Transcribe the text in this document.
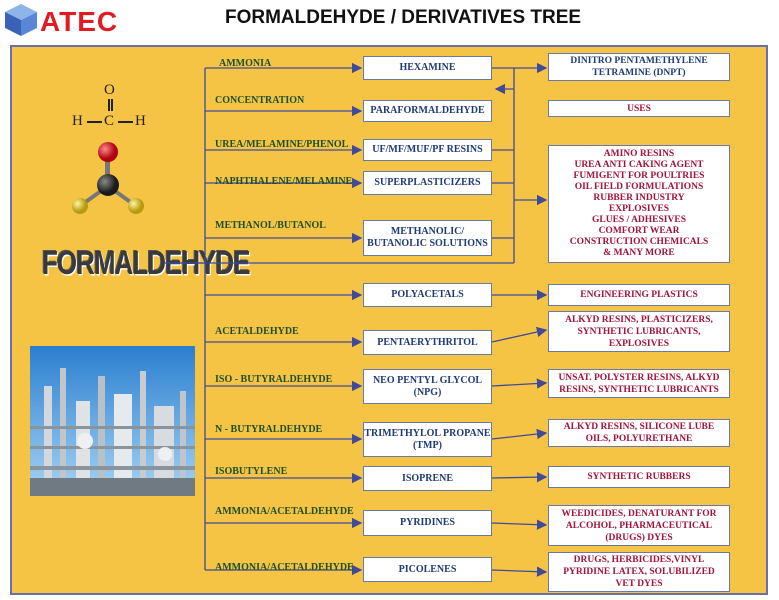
ATEC	FORMALDEHYDE / DERIVATIVES TREE
O
H C H
FORMALDEHYDE
AMMONIA
CONCENTRATION
UREA/MELAMINE/PHENOL
NAPHTHALENE/MELAMINE
METHANOL/BUTANOL
ACETALDEHYDE
ISO - BUTYRALDEHYDE
N - BUTYRALDEHYDE
ISOBUTYLENE
AMMONIA/ACETALDEHYDE
AMMONIA/ACETALDEHYDE
HEXAMINE
PARAFORMALDEHYDE
UF/MF/MUF/PF RESINS
SUPERPLASTICIZERS
METHANOLIC/
BUTANOLIC SOLUTIONS
POLYACETALS
PENTAERYTHRITOL
NEO PENTYL GLYCOL
(NPG)
TRIMETHYLOL PROPANE
(TMP)
ISOPRENE
PYRIDINES
PICOLENES
DINITRO PENTAMETHYLENE
TETRAMINE (DNPT)
USES
AMINO RESINS
UREA ANTI CAKING AGENT
FUMIGENT FOR POULTRIES
OIL FIELD FORMULATIONS
RUBBER INDUSTRY
EXPLOSIVES
GLUES / ADHESIVES
COMFORT WEAR
CONSTRUCTION CHEMICALS
& MANY MORE
ENGINEERING PLASTICS
ALKYD RESINS, PLASTICIZERS,
SYNTHETIC LUBRICANTS,
EXPLOSIVES
UNSAT. POLYSTER RESINS, ALKYD
RESINS, SYNTHETIC LUBRICANTS
ALKYD RESINS, SILICONE LUBE
OILS, POLYURETHANE
SYNTHETIC RUBBERS
WEEDICIDES, DENATURANT FOR
ALCOHOL, PHARMACEUTICAL
(DRUGS) DYES
DRUGS, HERBICIDES,VINYL
PYRIDINE LATEX, SOLUBILIZED
VET DYES
